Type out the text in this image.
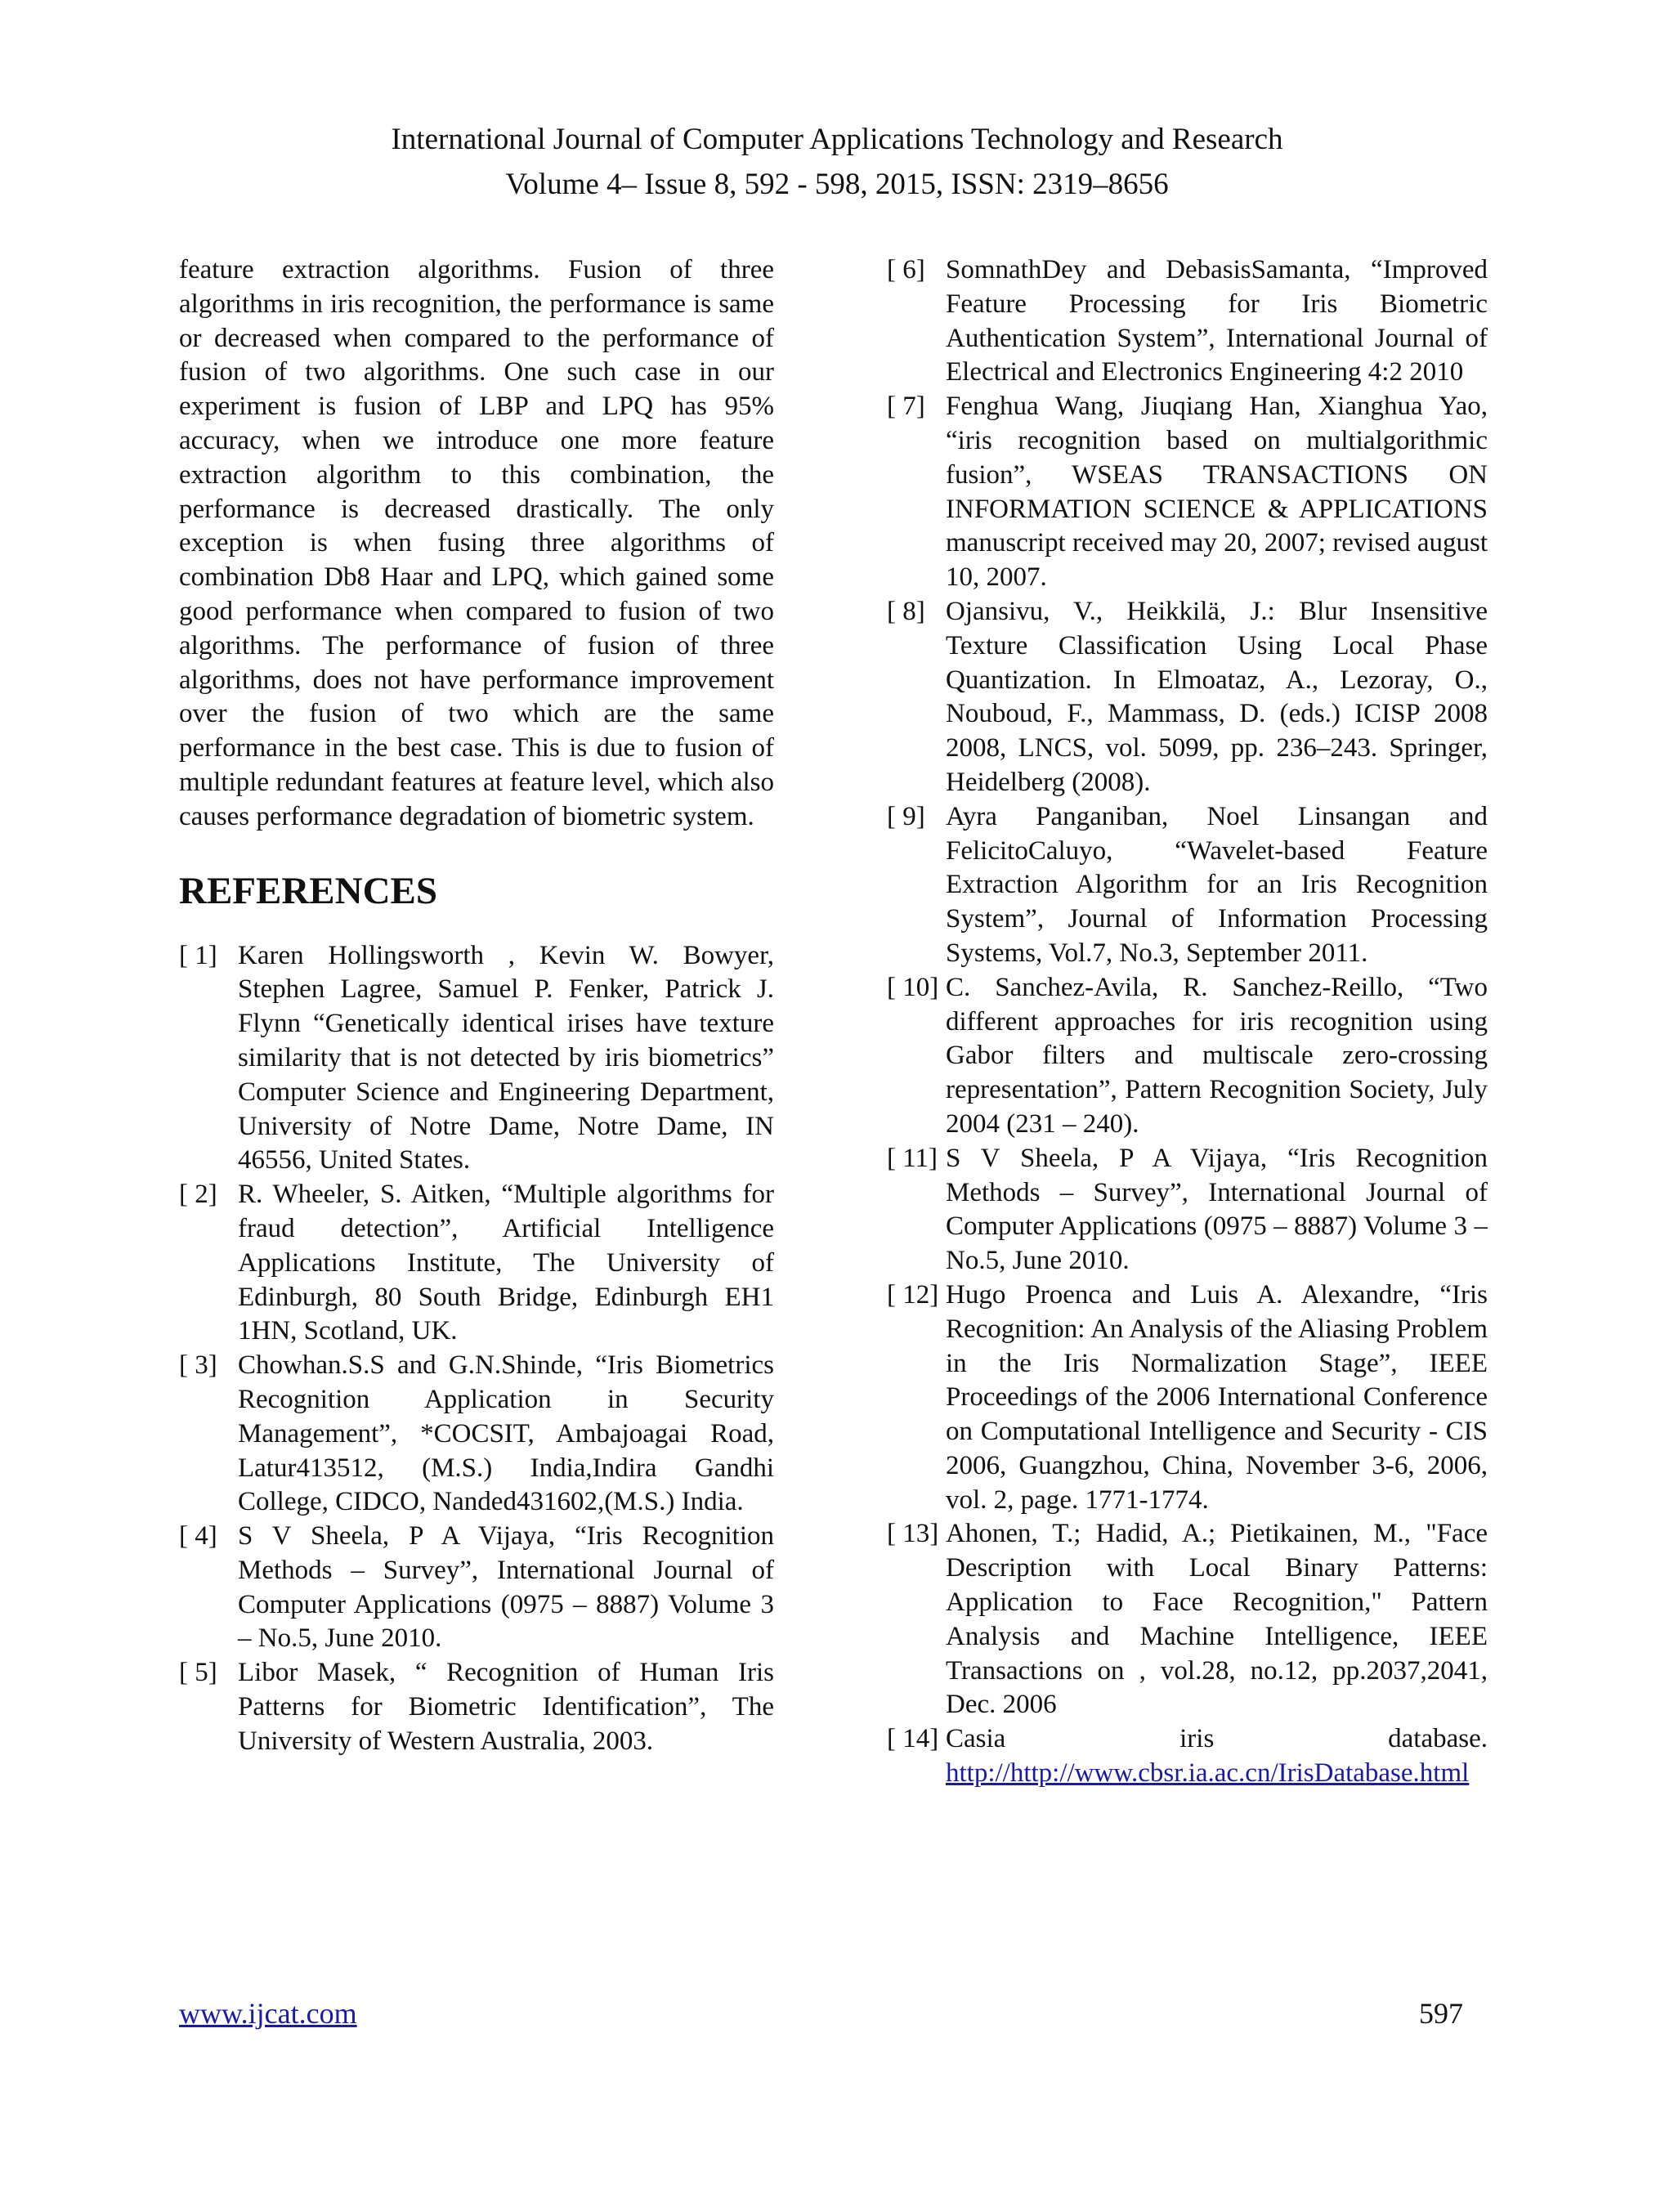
International Journal of Computer Applications Technology and Research
Volume 4– Issue 8, 592 - 598, 2015, ISSN: 2319–8656

feature extraction algorithms. Fusion of three algorithms in iris recognition, the performance is same or decreased when compared to the performance of fusion of two algorithms. One such case in our experiment is fusion of LBP and LPQ has 95% accuracy, when we introduce one more feature extraction algorithm to this combination, the performance is decreased drastically. The only exception is when fusing three algorithms of combination Db8 Haar and LPQ, which gained some good performance when compared to fusion of two algorithms. The performance of fusion of three algorithms, does not have performance improvement over the fusion of two which are the same performance in the best case. This is due to fusion of multiple redundant features at feature level, which also causes performance degradation of biometric system.

REFERENCES
[ 1] Karen Hollingsworth , Kevin W. Bowyer, Stephen Lagree, Samuel P. Fenker, Patrick J. Flynn “Genetically identical irises have texture similarity that is not detected by iris biometrics” Computer Science and Engineering Department, University of Notre Dame, Notre Dame, IN 46556, United States.
[ 2] R. Wheeler, S. Aitken, “Multiple algorithms for fraud detection”, Artificial Intelligence Applications Institute, The University of Edinburgh, 80 South Bridge, Edinburgh EH1 1HN, Scotland, UK.
[ 3] Chowhan.S.S and G.N.Shinde, “Iris Biometrics Recognition Application in Security Management”, *COCSIT, Ambajoagai Road, Latur413512, (M.S.) India,Indira Gandhi College, CIDCO, Nanded431602,(M.S.) India.
[ 4] S V Sheela, P A Vijaya, “Iris Recognition Methods – Survey”, International Journal of Computer Applications (0975 – 8887) Volume 3 – No.5, June 2010.
[ 5] Libor Masek, “ Recognition of Human Iris Patterns for Biometric Identification”, The University of Western Australia, 2003.
[ 6] SomnathDey and DebasisSamanta, “Improved Feature Processing for Iris Biometric Authentication System”, International Journal of Electrical and Electronics Engineering 4:2 2010
[ 7] Fenghua Wang, Jiuqiang Han, Xianghua Yao, “iris recognition based on multialgorithmic fusion”, WSEAS TRANSACTIONS ON INFORMATION SCIENCE & APPLICATIONS manuscript received may 20, 2007; revised august 10, 2007.
[ 8] Ojansivu, V., Heikkilä, J.: Blur Insensitive Texture Classification Using Local Phase Quantization. In Elmoataz, A., Lezoray, O., Nouboud, F., Mammass, D. (eds.) ICISP 2008 2008, LNCS, vol. 5099, pp. 236–243. Springer, Heidelberg (2008).
[ 9] Ayra Panganiban, Noel Linsangan and FelicitoCaluyo, “Wavelet-based Feature Extraction Algorithm for an Iris Recognition System”, Journal of Information Processing Systems, Vol.7, No.3, September 2011.
[ 10] C. Sanchez-Avila, R. Sanchez-Reillo, “Two different approaches for iris recognition using Gabor filters and multiscale zero-crossing representation”, Pattern Recognition Society, July 2004 (231 – 240).
[ 11] S V Sheela, P A Vijaya, “Iris Recognition Methods – Survey”, International Journal of Computer Applications (0975 – 8887) Volume 3 – No.5, June 2010.
[ 12] Hugo Proenca and Luis A. Alexandre, “Iris Recognition: An Analysis of the Aliasing Problem in the Iris Normalization Stage”, IEEE Proceedings of the 2006 International Conference on Computational Intelligence and Security - CIS 2006, Guangzhou, China, November 3-6, 2006, vol. 2, page. 1771-1774.
[ 13] Ahonen, T.; Hadid, A.; Pietikainen, M., "Face Description with Local Binary Patterns: Application to Face Recognition," Pattern Analysis and Machine Intelligence, IEEE Transactions on , vol.28, no.12, pp.2037,2041, Dec. 2006
[ 14] Casia iris database. http://http://www.cbsr.ia.ac.cn/IrisDatabase.html
www.ijcat.com	597
